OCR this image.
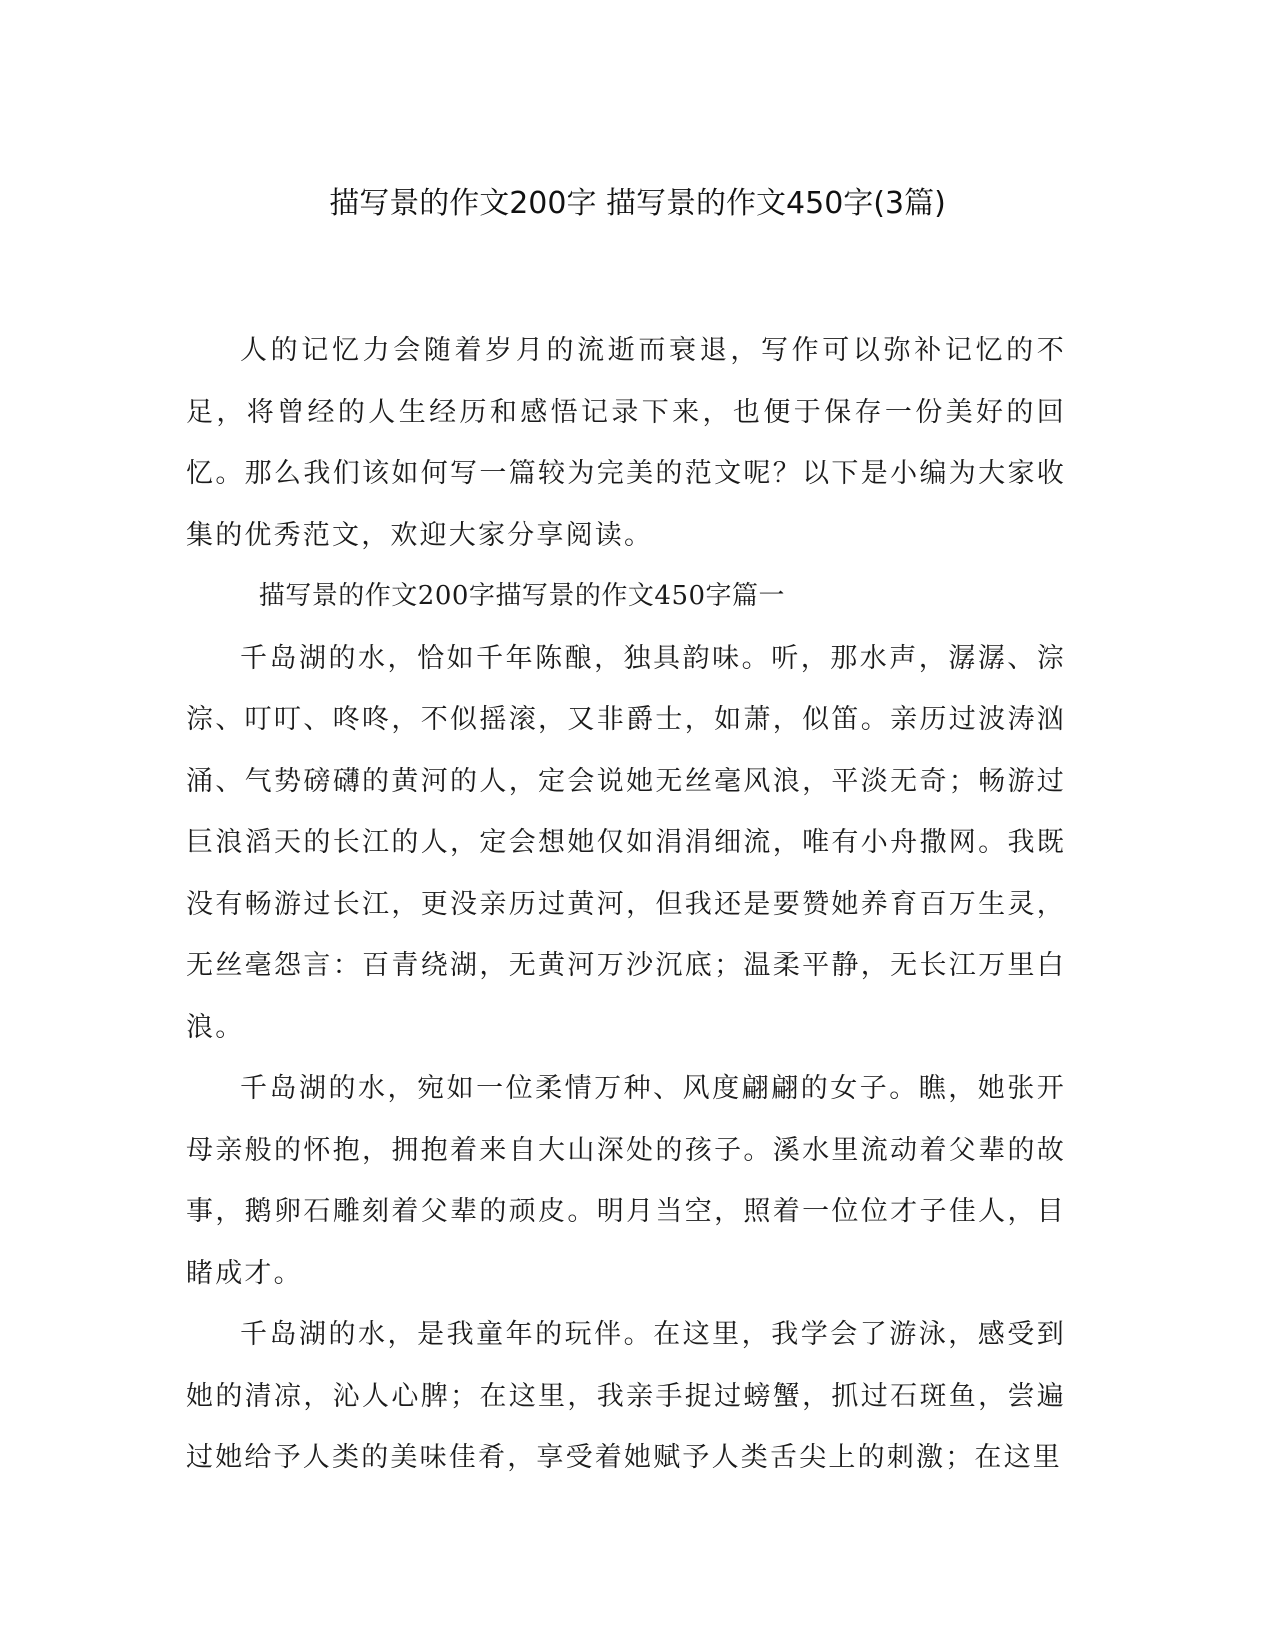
描写景的作文200字 描写景的作文450字(3篇)

人的记忆力会随着岁月的流逝而衰退，写作可以弥补记忆的不足，将曾经的人生经历和感悟记录下来，也便于保存一份美好的回忆。那么我们该如何写一篇较为完美的范文呢？以下是小编为大家收集的优秀范文，欢迎大家分享阅读。

描写景的作文200字描写景的作文450字篇一

千岛湖的水，恰如千年陈酿，独具韵味。听，那水声，潺潺、淙淙、叮叮、咚咚，不似摇滚，又非爵士，如萧，似笛。亲历过波涛汹涌、气势磅礴的黄河的人，定会说她无丝毫风浪，平淡无奇；畅游过巨浪滔天的长江的人，定会想她仅如涓涓细流，唯有小舟撒网。我既没有畅游过长江，更没亲历过黄河，但我还是要赞她养育百万生灵，无丝毫怨言：百青绕湖，无黄河万沙沉底；温柔平静，无长江万里白浪。

千岛湖的水，宛如一位柔情万种、风度翩翩的女子。瞧，她张开母亲般的怀抱，拥抱着来自大山深处的孩子。溪水里流动着父辈的故事，鹅卵石雕刻着父辈的顽皮。明月当空，照着一位位才子佳人，目睹成才。

千岛湖的水，是我童年的玩伴。在这里，我学会了游泳，感受到她的清凉，沁人心脾；在这里，我亲手捉过螃蟹，抓过石斑鱼，尝遍过她给予人类的美味佳肴，享受着她赋予人类舌尖上的刺激；在这里
